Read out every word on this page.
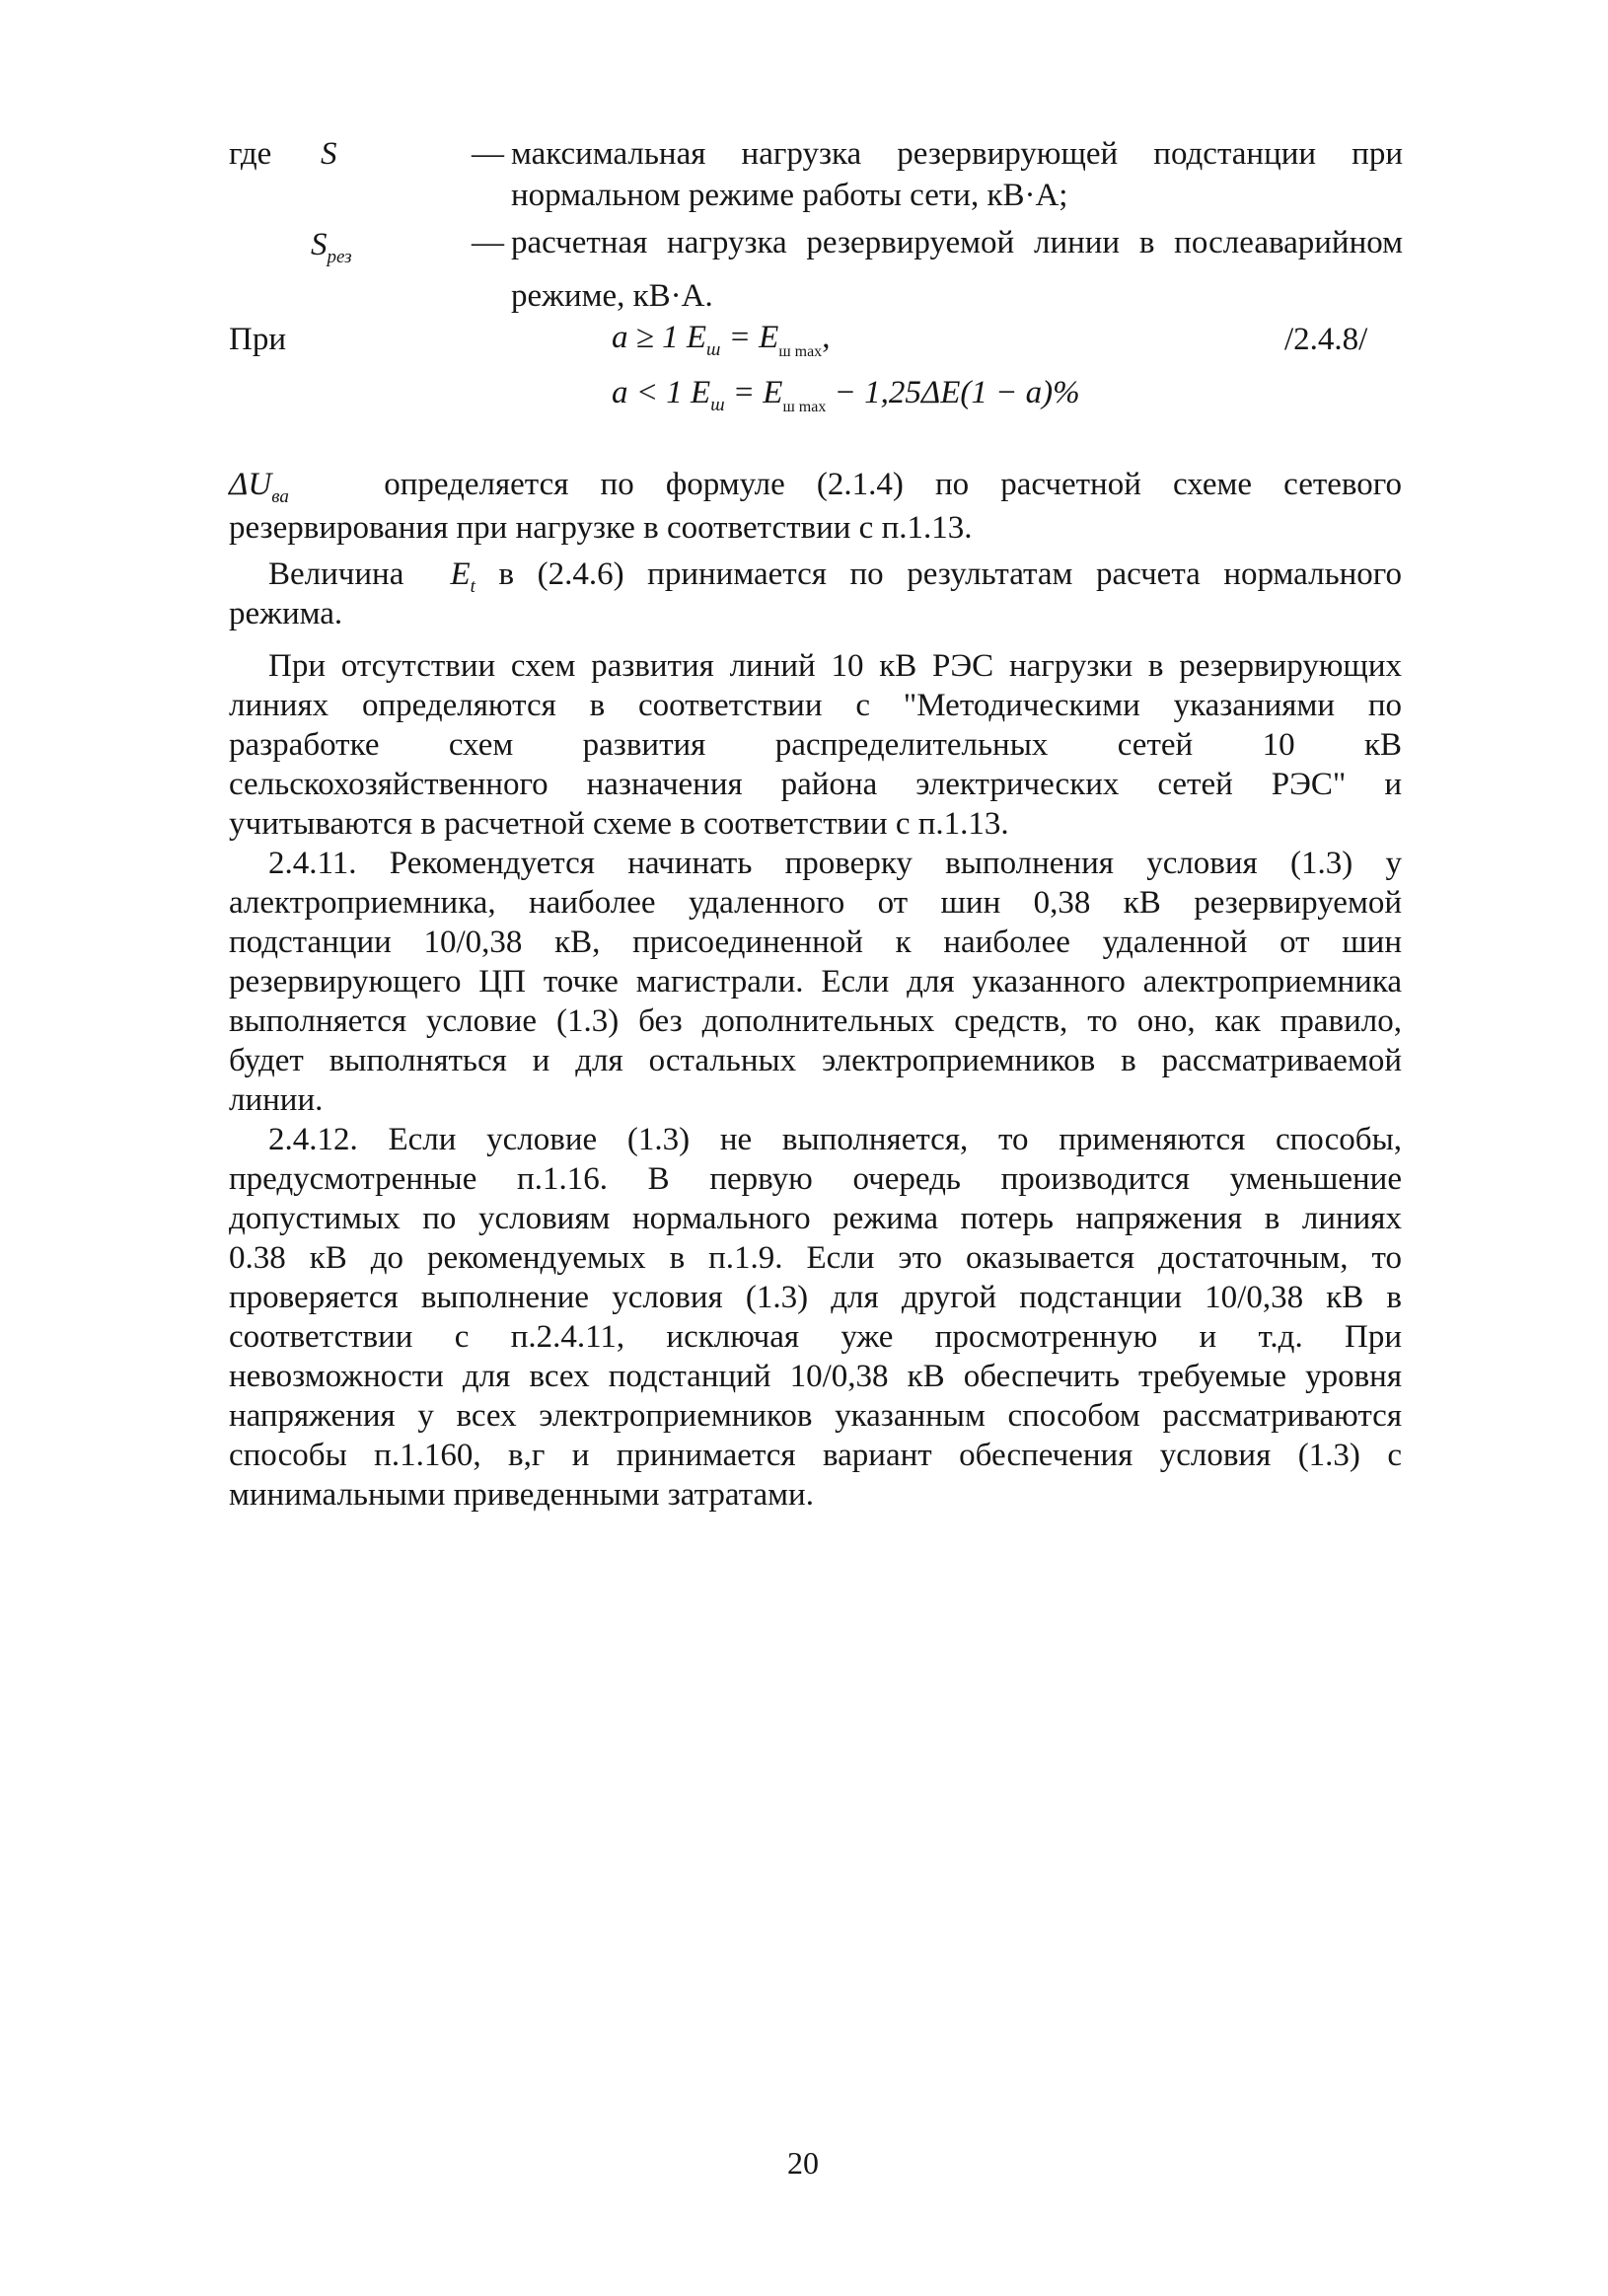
где S	— максимальная нагрузка резервирующей подстанции при
нормальном режиме работы сети, кВ·А;
$S_{рез}$	— расчетная нагрузка резервируемой линии в послеаварийном
режиме, кВ·А.
При	a ≥ 1 $E_ш = E_{ш max}$,	/2.4.8/
a < 1 $E_ш = E_{ш max} - 1,25\Delta E(1 - a)\%$
$\Delta U_{ва}$	определяется по формуле (2.1.4) по расчетной схеме сетевого
резервирования при нагрузке в соответствии с п.1.13.
Величина $E_t$ в (2.4.6) принимается по результатам расчета нормального
режима.
При отсутствии схем развития линий 10 кВ РЭС нагрузки в резервирующих
линиях определяются в соответствии с "Методическими указаниями по
разработке схем развития распределительных сетей 10 кВ
сельскохозяйственного назначения района электрических сетей РЭС" и
учитываются в расчетной схеме в соответствии с п.1.13.
2.4.11. Рекомендуется начинать проверку выполнения условия (1.3) у
алектроприемника, наиболее удаленного от шин 0,38 кВ резервируемой
подстанции 10/0,38 кВ, присоединенной к наиболее удаленной от шин
резервирующего ЦП точке магистрали. Если для указанного алектроприемника
выполняется условие (1.3) без дополнительных средств, то оно, как правило,
будет выполняться и для остальных электроприемников в рассматриваемой
линии.
2.4.12. Если условие (1.3) не выполняется, то применяются способы,
предусмотренные п.1.16. В первую очередь производится уменьшение
допустимых по условиям нормального режима потерь напряжения в линиях
0.38 кВ до рекомендуемых в п.1.9. Если это оказывается достаточным, то
проверяется выполнение условия (1.3) для другой подстанции 10/0,38 кВ в
соответствии с п.2.4.11, исключая уже просмотренную и т.д. При
невозможности для всех подстанций 10/0,38 кВ обеспечить требуемые уровня
напряжения у всех электроприемников указанным способом рассматриваются
способы п.1.160, в,г и принимается вариант обеспечения условия (1.3) с
минимальными приведенными затратами.
20
